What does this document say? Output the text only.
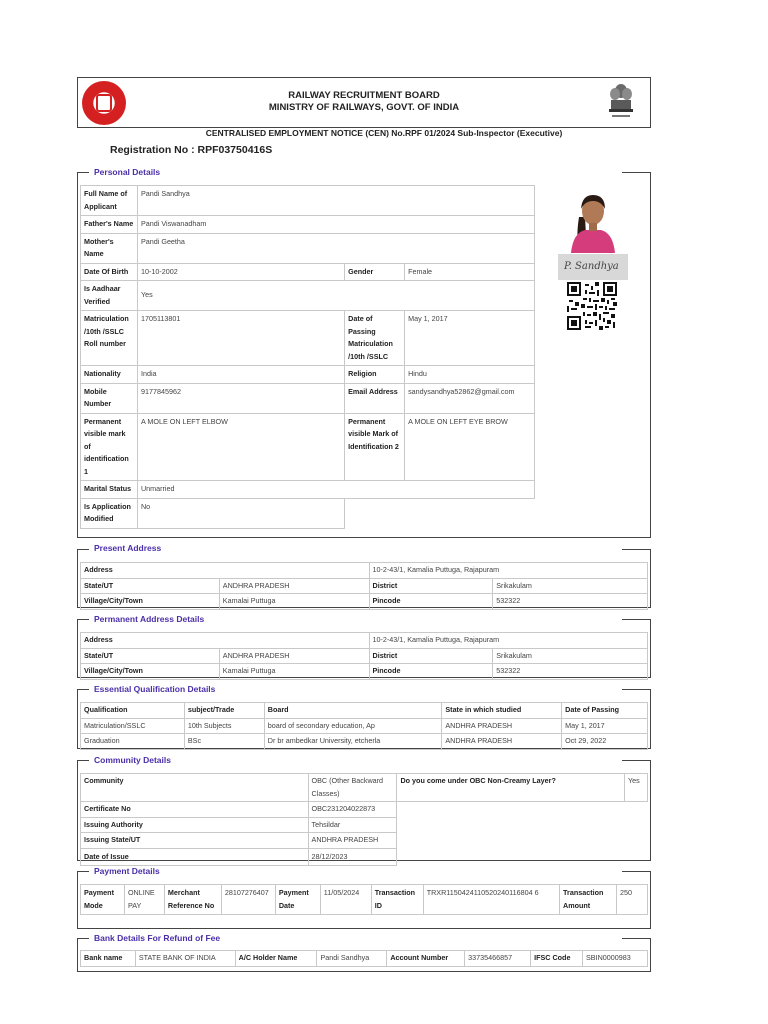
RAILWAY RECRUITMENT BOARD
MINISTRY OF RAILWAYS, GOVT. OF INDIA
CENTRALISED EMPLOYMENT NOTICE (CEN) No.RPF 01/2024 Sub-Inspector (Executive)
Registration No : RPF03750416S
Personal Details
Full Name of Applicant	Pandi Sandhya		
Father's Name	Pandi Viswanadham		
Mother's Name	Pandi Geetha		
Date Of Birth	10-10-2002	Gender	Female
Is Aadhaar Verified	Yes		
Matriculation /10th /SSLC Roll number	1705113801	Date of Passing Matriculation /10th /SSLC	May 1, 2017
Nationality	India	Religion	Hindu
Mobile Number	9177845962	Email Address	sandysandhya52862@gmail.com
Permanent visible mark of identification 1	A MOLE ON LEFT ELBOW	Permanent visible Mark of Identification 2	A MOLE ON LEFT EYE BROW
Marital Status	Unmarried		
Is Application Modified	No		
P. Sandhya
Present Address
Address		10-2-43/1, Kamalia Puttuga, Rajapuram	
State/UT	ANDHRA PRADESH	District	Srikakulam
Village/City/Town	Kamalai Puttuga	Pincode	532322
Permanent Address Details
Address		10-2-43/1, Kamalia Puttuga, Rajapuram	
State/UT	ANDHRA PRADESH	District	Srikakulam
Village/City/Town	Kamalai Puttuga	Pincode	532322
Essential Qualification Details
Qualification	subject/Trade	Board	State in which studied	Date of Passing
Matriculation/SSLC	10th Subjects	board of secondary education, Ap	ANDHRA PRADESH	May 1, 2017
Graduation	BSc	Dr br ambedkar University, etcherla	ANDHRA PRADESH	Oct 29, 2022
Community Details
Community	OBC (Other Backward Classes)	Do you come under OBC Non-Creamy Layer?	Yes
Certificate No	OBC231204022873		
Issuing Authority	Tehsildar		
Issuing State/UT	ANDHRA PRADESH		
Date of Issue	28/12/2023		
Payment Details
Payment Mode	ONLINE PAY	Merchant Reference No	28107276407	Payment Date	11/05/2024	Transaction ID	TRXR1150424110520240116804 6	Transaction Amount	250
Bank Details For Refund of Fee
Bank name	STATE BANK OF INDIA	A/C Holder Name	Pandi Sandhya	Account Number	33735466857	IFSC Code	SBIN0000983
